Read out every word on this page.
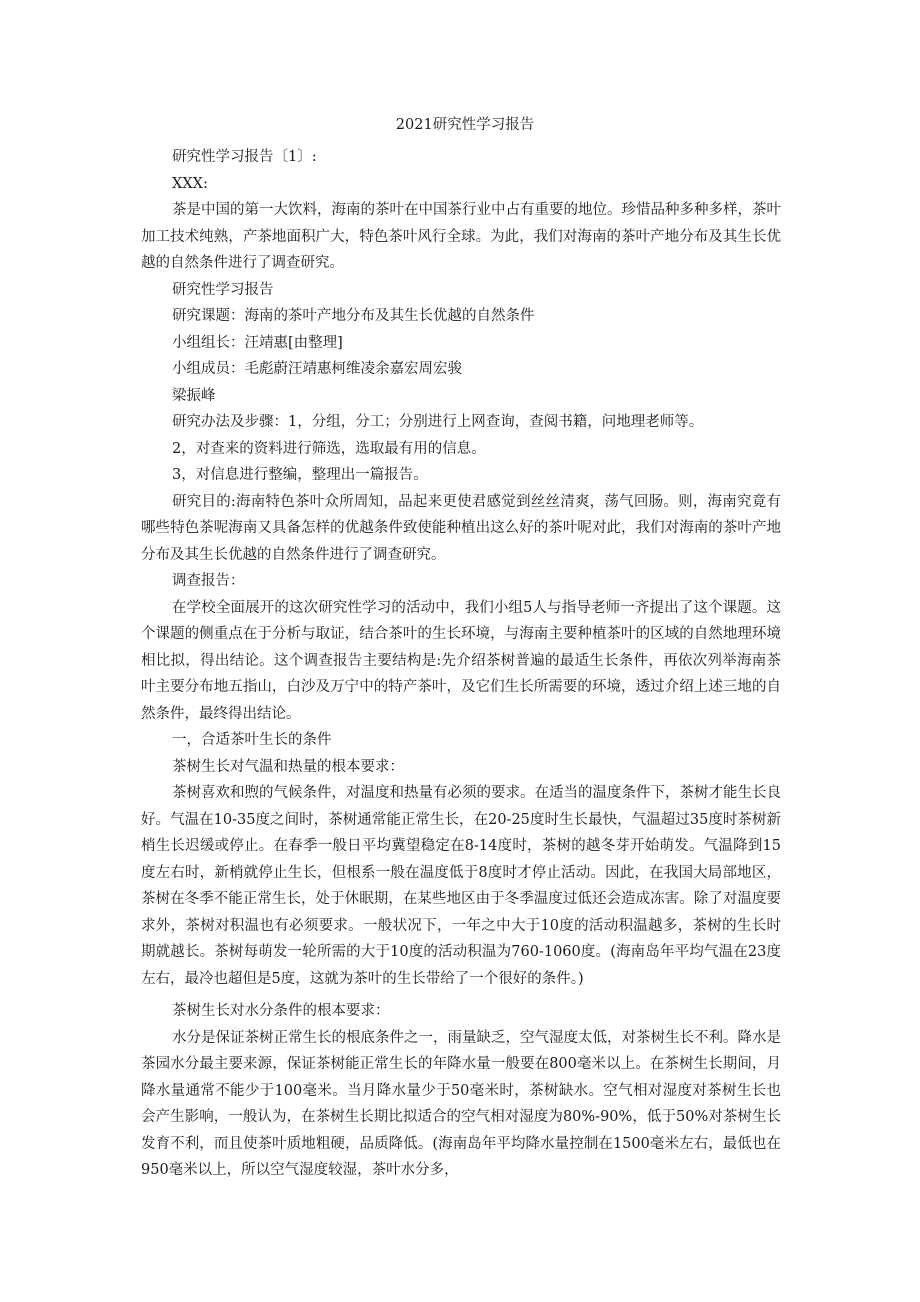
2021研究性学习报告

研究性学习报告〔1〕:

XXX:

茶是中国的第一大饮料，海南的茶叶在中国茶行业中占有重要的地位。珍惜品种多种多样，茶叶加工技术纯熟，产茶地面积广大，特色茶叶风行全球。为此，我们对海南的茶叶产地分布及其生长优越的自然条件进行了调查研究。

研究性学习报告

研究课题：海南的茶叶产地分布及其生长优越的自然条件

小组组长：汪靖惠[由整理]

小组成员：毛彪蔚汪靖惠柯维凌余嘉宏周宏骏

梁振峰

研究办法及步骤：1，分组，分工；分别进行上网查询，查阅书籍，问地理老师等。

2，对查来的资料进行筛选，选取最有用的信息。

3，对信息进行整编，整理出一篇报告。

研究目的:海南特色茶叶众所周知，品起来更使君感觉到丝丝清爽，荡气回肠。则，海南究竟有哪些特色茶呢海南又具备怎样的优越条件致使能种植出这么好的茶叶呢对此，我们对海南的茶叶产地分布及其生长优越的自然条件进行了调查研究。

调查报告：

在学校全面展开的这次研究性学习的活动中，我们小组5人与指导老师一齐提出了这个课题。这个课题的侧重点在于分析与取证，结合茶叶的生长环境，与海南主要种植茶叶的区域的自然地理环境相比拟，得出结论。这个调查报告主要结构是:先介绍茶树普遍的最适生长条件，再依次列举海南茶叶主要分布地五指山，白沙及万宁中的特产茶叶，及它们生长所需要的环境，透过介绍上述三地的自然条件，最终得出结论。

一，合适茶叶生长的条件

茶树生长对气温和热量的根本要求：

茶树喜欢和煦的气候条件，对温度和热量有必须的要求。在适当的温度条件下，茶树才能生长良好。气温在10-35度之间时，茶树通常能正常生长，在20-25度时生长最快，气温超过35度时茶树新梢生长迟缓或停止。在春季一般日平均冀望稳定在8-14度时，茶树的越冬芽开始萌发。气温降到15度左右时，新梢就停止生长，但根系一般在温度低于8度时才停止活动。因此，在我国大局部地区，茶树在冬季不能正常生长，处于休眠期，在某些地区由于冬季温度过低还会造成冻害。除了对温度要求外，茶树对积温也有必须要求。一般状况下，一年之中大于10度的活动积温越多，茶树的生长时期就越长。茶树每萌发一轮所需的大于10度的活动积温为760-1060度。(海南岛年平均气温在23度左右，最冷也超但是5度，这就为茶叶的生长带给了一个很好的条件。)

茶树生长对水分条件的根本要求：

水分是保证茶树正常生长的根底条件之一，雨量缺乏，空气湿度太低，对茶树生长不利。降水是茶园水分最主要来源，保证茶树能正常生长的年降水量一般要在800毫米以上。在茶树生长期间，月降水量通常不能少于100毫米。当月降水量少于50毫米时，茶树缺水。空气相对湿度对茶树生长也会产生影响，一般认为，在茶树生长期比拟适合的空气相对湿度为80%-90%，低于50%对茶树生长发育不利，而且使茶叶质地粗硬，品质降低。(海南岛年平均降水量控制在1500毫米左右，最低也在950毫米以上，所以空气湿度较湿，茶叶水分多，
